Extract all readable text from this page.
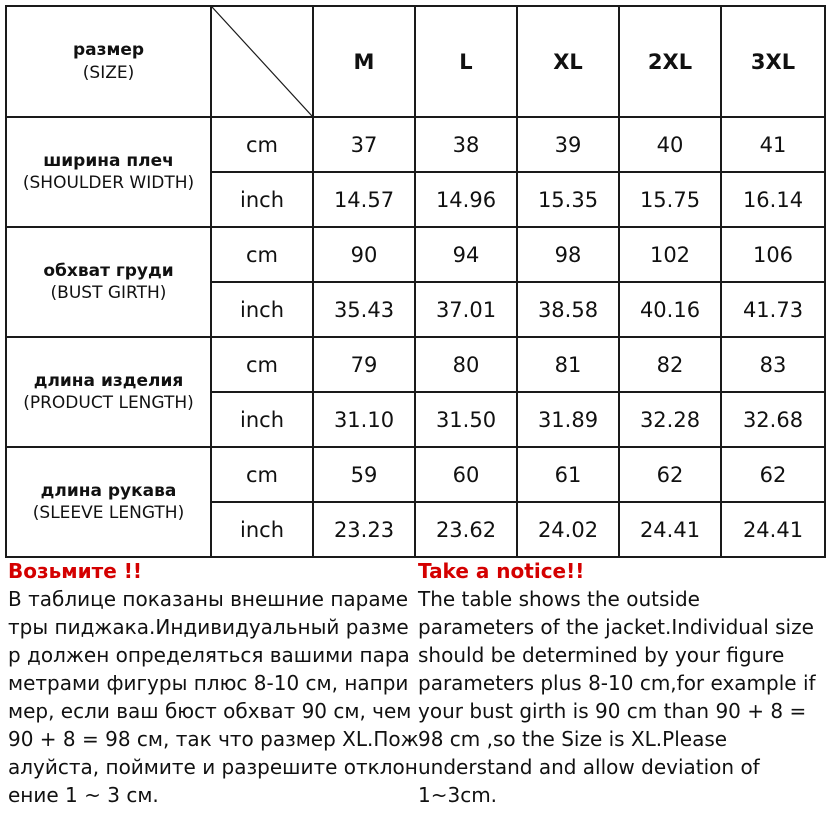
размер
(SIZE)		M	L	XL	2XL	3XL

ширина плеч
(SHOULDER WIDTH)	cm	37	38	39	40	41
	inch	14.57	14.96	15.35	15.75	16.14

обхват груди
(BUST GIRTH)	cm	90	94	98	102	106
	inch	35.43	37.01	38.58	40.16	41.73

длина изделия
(PRODUCT LENGTH)	cm	79	80	81	82	83
	inch	31.10	31.50	31.89	32.28	32.68

длина рукава
(SLEEVE LENGTH)	cm	59	60	61	62	62
	inch	23.23	23.62	24.02	24.41	24.41
Возьмите !!
В таблице показаны внешние параме
тры пиджака.Индивидуальный разме
р должен определяться вашими пара
метрами фигуры плюс 8-10 см, напри
мер, если ваш бюст обхват 90 см, чем
90 + 8 = 98 см, так что размер XL.Пож
алуйста, поймите и разрешите отклон
ение 1 ~ 3 см.
Take a notice!!
The table shows the outside
parameters of the jacket.Individual size
should be determined by your figure
parameters plus 8-10 cm,for example if
your bust girth is 90 cm than 90 + 8 =
98 cm ,so the Size is XL.Please
understand and allow deviation of
1~3cm.
